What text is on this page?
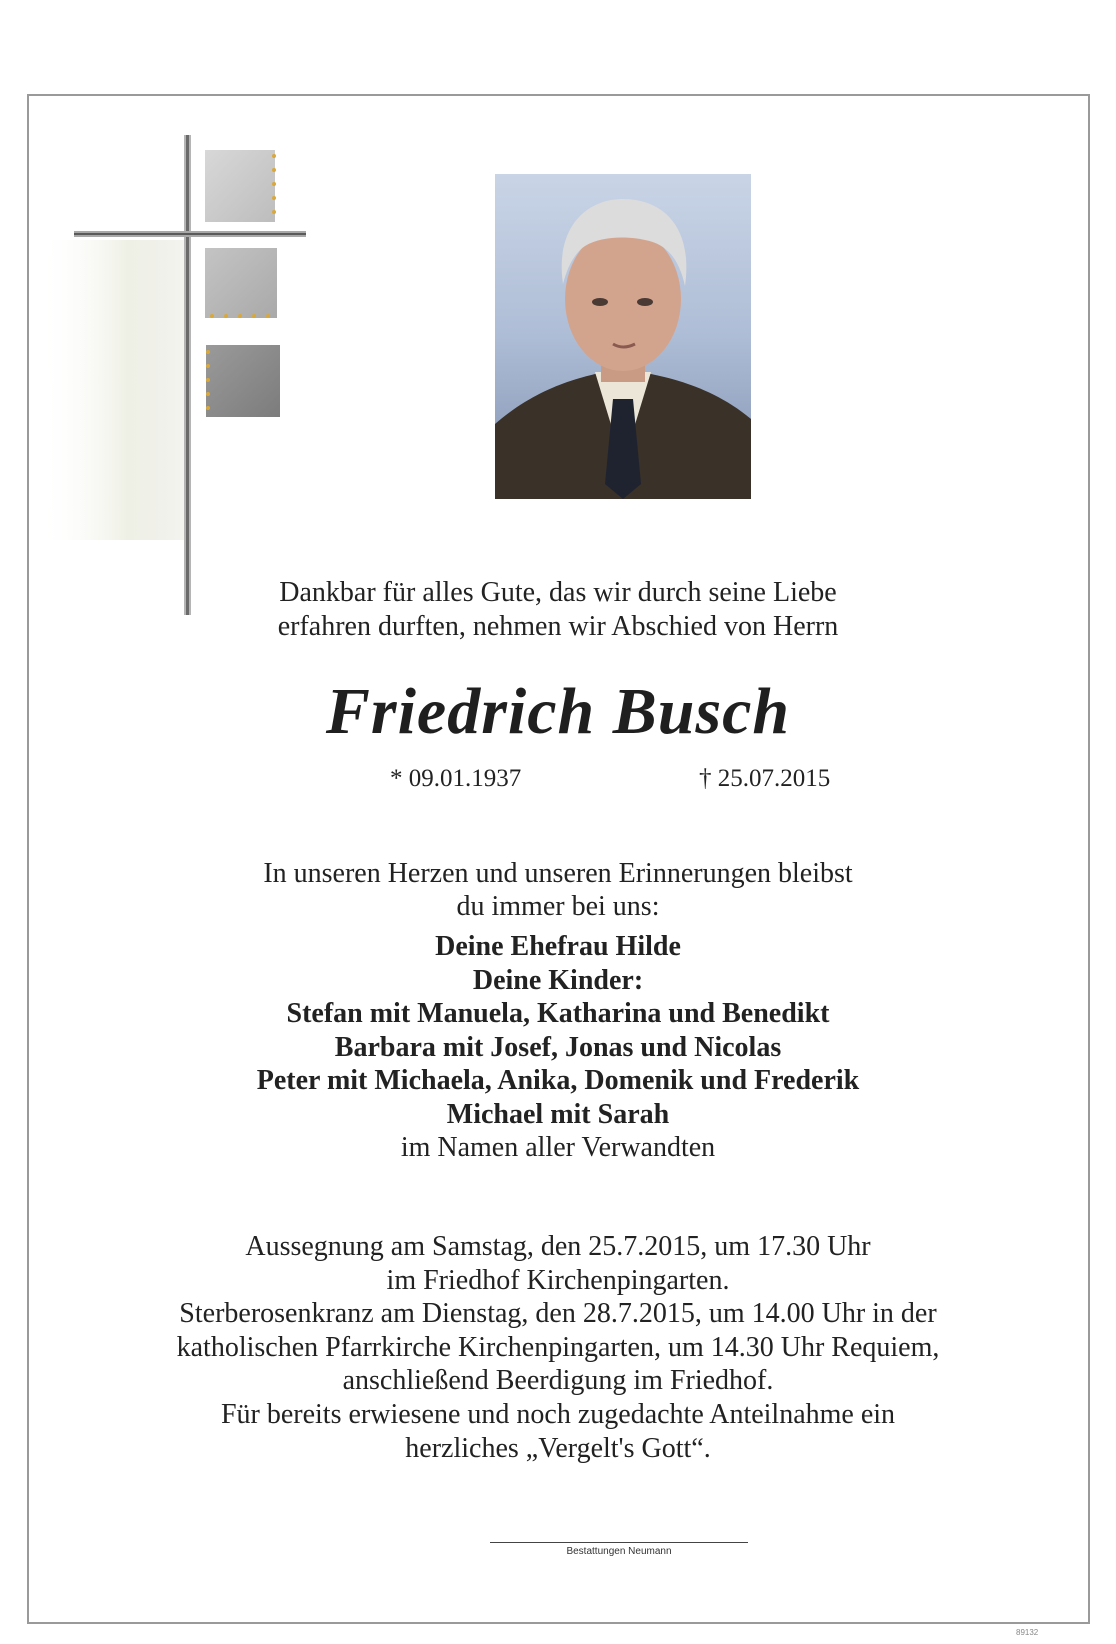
Dankbar für alles Gute, das wir durch seine Liebe
erfahren durften, nehmen wir Abschied von Herrn
Friedrich Busch
* 09.01.1937	† 25.07.2015
In unseren Herzen und unseren Erinnerungen bleibst
du immer bei uns:
Deine Ehefrau Hilde
Deine Kinder:
Stefan mit Manuela, Katharina und Benedikt
Barbara mit Josef, Jonas und Nicolas
Peter mit Michaela, Anika, Domenik und Frederik
Michael mit Sarah
im Namen aller Verwandten
Aussegnung am Samstag, den 25.7.2015, um 17.30 Uhr
im Friedhof Kirchenpingarten.
Sterberosenkranz am Dienstag, den 28.7.2015, um 14.00 Uhr in der
katholischen Pfarrkirche Kirchenpingarten, um 14.30 Uhr Requiem,
anschließend Beerdigung im Friedhof.
Für bereits erwiesene und noch zugedachte Anteilnahme ein
herzliches „Vergelt's Gott“.
Bestattungen Neumann
89132
